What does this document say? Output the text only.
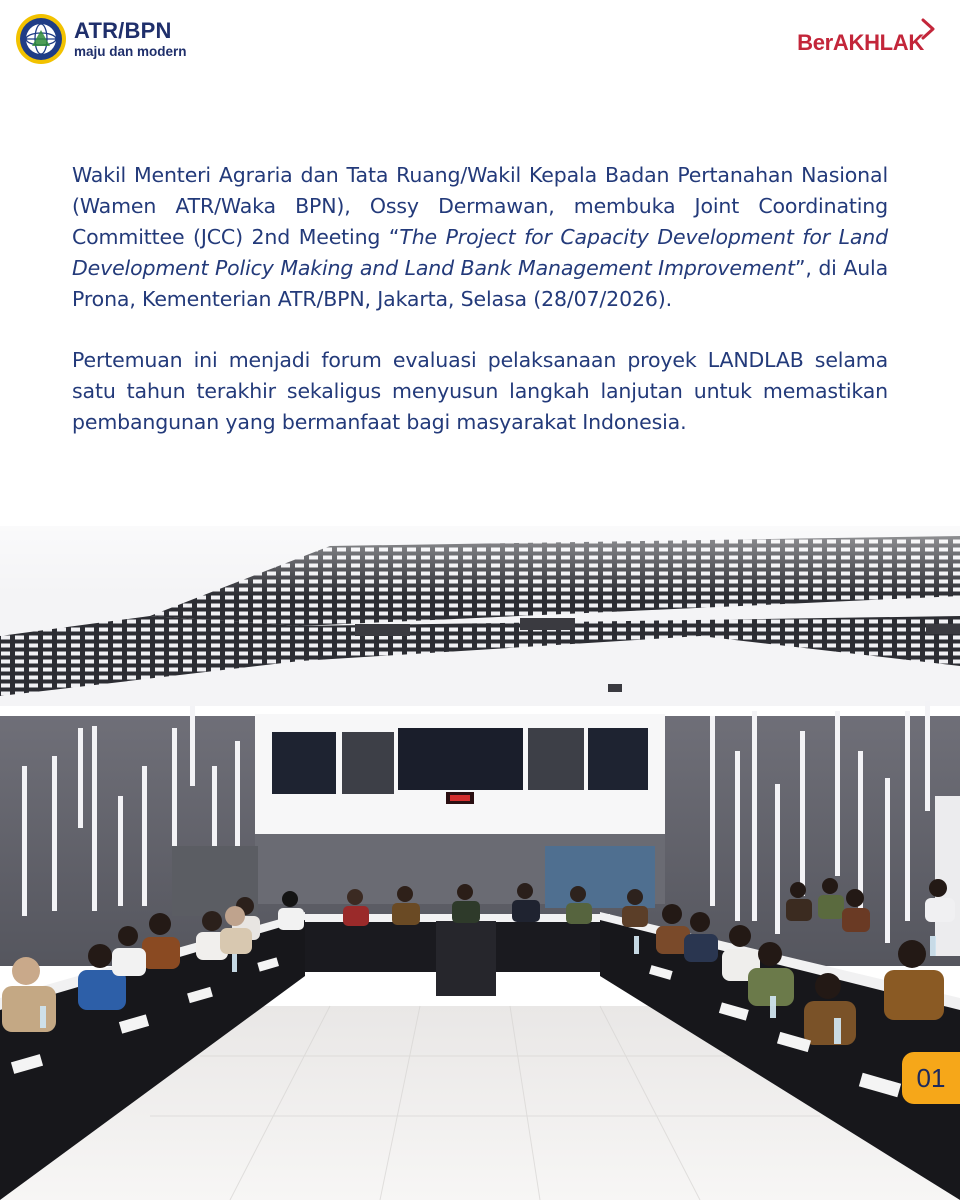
ATR/BPN
maju dan modern	BerAKHLAK

Wakil Menteri Agraria dan Tata Ruang/Wakil Kepala Badan Pertanahan Nasional (Wamen ATR/Waka BPN), Ossy Dermawan, membuka Joint Coordinating Committee (JCC) 2nd Meeting “The Project for Capacity Development for Land Development Policy Making and Land Bank Management Improvement”, di Aula Prona, Kementerian ATR/BPN, Jakarta, Selasa (28/07/2026).

Pertemuan ini menjadi forum evaluasi pelaksanaan proyek LANDLAB selama satu tahun terakhir sekaligus menyusun langkah lanjutan untuk memastikan pembangunan yang bermanfaat bagi masyarakat Indonesia.

01
